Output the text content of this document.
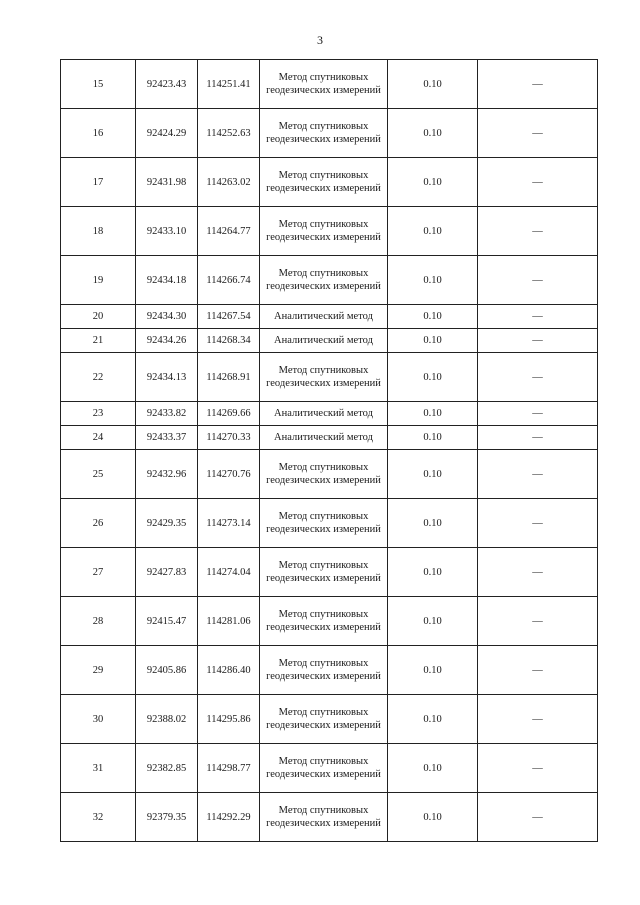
3
15	92423.43	114251.41	Метод спутниковых геодезических измерений	0.10	—
16	92424.29	114252.63	Метод спутниковых геодезических измерений	0.10	—
17	92431.98	114263.02	Метод спутниковых геодезических измерений	0.10	—
18	92433.10	114264.77	Метод спутниковых геодезических измерений	0.10	—
19	92434.18	114266.74	Метод спутниковых геодезических измерений	0.10	—
20	92434.30	114267.54	Аналитический метод	0.10	—
21	92434.26	114268.34	Аналитический метод	0.10	—
22	92434.13	114268.91	Метод спутниковых геодезических измерений	0.10	—
23	92433.82	114269.66	Аналитический метод	0.10	—
24	92433.37	114270.33	Аналитический метод	0.10	—
25	92432.96	114270.76	Метод спутниковых геодезических измерений	0.10	—
26	92429.35	114273.14	Метод спутниковых геодезических измерений	0.10	—
27	92427.83	114274.04	Метод спутниковых геодезических измерений	0.10	—
28	92415.47	114281.06	Метод спутниковых геодезических измерений	0.10	—
29	92405.86	114286.40	Метод спутниковых геодезических измерений	0.10	—
30	92388.02	114295.86	Метод спутниковых геодезических измерений	0.10	—
31	92382.85	114298.77	Метод спутниковых геодезических измерений	0.10	—
32	92379.35	114292.29	Метод спутниковых геодезических измерений	0.10	—
